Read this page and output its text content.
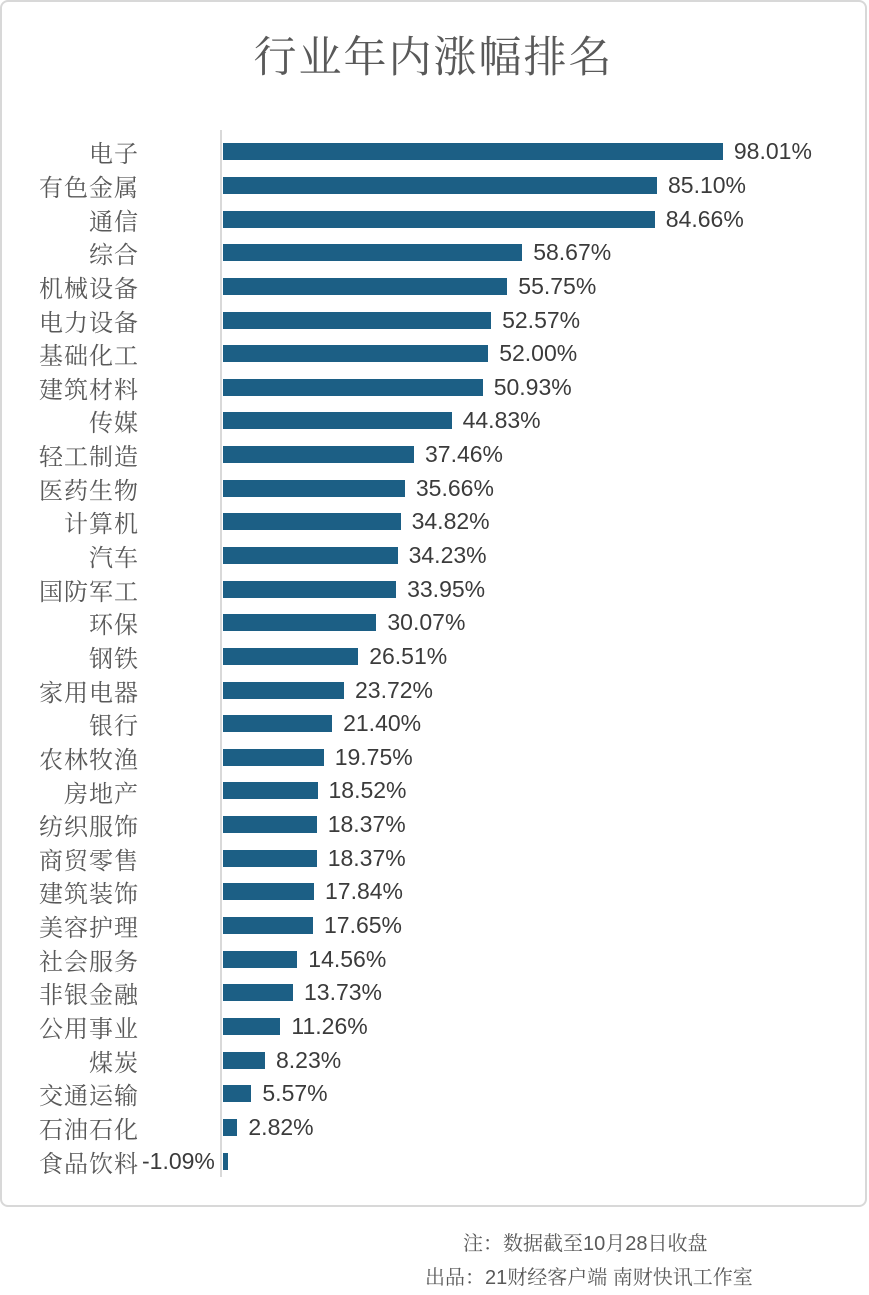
行业年内涨幅排名
电子	98.01%
有色金属	85.10%
通信	84.66%
综合	58.67%
机械设备	55.75%
电力设备	52.57%
基础化工	52.00%
建筑材料	50.93%
传媒	44.83%
轻工制造	37.46%
医药生物	35.66%
计算机	34.82%
汽车	34.23%
国防军工	33.95%
环保	30.07%
钢铁	26.51%
家用电器	23.72%
银行	21.40%
农林牧渔	19.75%
房地产	18.52%
纺织服饰	18.37%
商贸零售	18.37%
建筑装饰	17.84%
美容护理	17.65%
社会服务	14.56%
非银金融	13.73%
公用事业	11.26%
煤炭	8.23%
交通运输	5.57%
石油石化	2.82%
食品饮料 -1.09%
注：数据截至10月28日收盘
出品：21财经客户端 南财快讯工作室
